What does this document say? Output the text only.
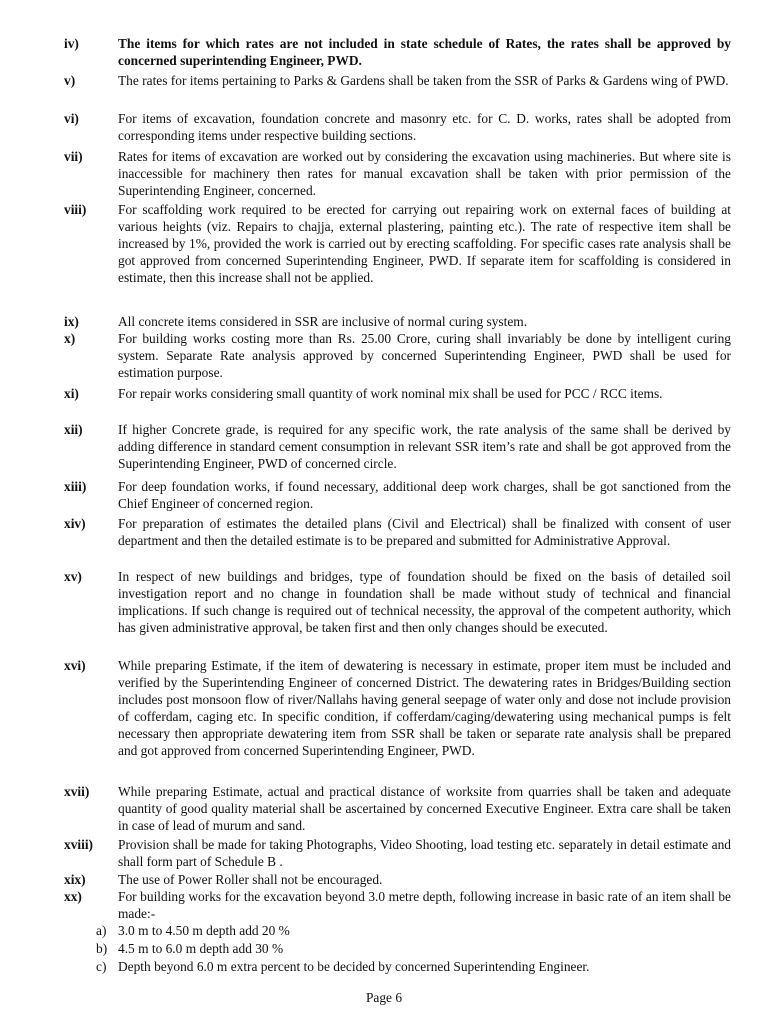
iv)	The items for which rates are not included in state schedule of Rates, the rates shall be approved by concerned superintending Engineer, PWD.
v)	The rates for items pertaining to Parks & Gardens shall be taken from the SSR of Parks & Gardens wing of PWD.
vi)	For items of excavation, foundation concrete and masonry etc. for C. D. works, rates shall be adopted from corresponding items under respective building sections.
vii)	Rates for items of excavation are worked out by considering the excavation using machineries. But where site is inaccessible for machinery then rates for manual excavation shall be taken with prior permission of the Superintending Engineer, concerned.
viii) For scaffolding work required to be erected for carrying out repairing work on external faces of building at various heights (viz. Repairs to chajja, external plastering, painting etc.). The rate of respective item shall be increased by 1%, provided the work is carried out by erecting scaffolding. For specific cases rate analysis shall be got approved from concerned Superintending Engineer, PWD. If separate item for scaffolding is considered in estimate, then this increase shall not be applied.
ix)	All concrete items considered in SSR are inclusive of normal curing system.
x)	For building works costing more than Rs. 25.00 Crore, curing shall invariably be done by intelligent curing system. Separate Rate analysis approved by concerned Superintending Engineer, PWD shall be used for estimation purpose.
xi)	For repair works considering small quantity of work nominal mix shall be used for PCC / RCC items.
xii)	If higher Concrete grade, is required for any specific work, the rate analysis of the same shall be derived by adding difference in standard cement consumption in relevant SSR item’s rate and shall be got approved from the Superintending Engineer, PWD of concerned circle.
xiii) For deep foundation works, if found necessary, additional deep work charges, shall be got sanctioned from the Chief Engineer of concerned region.
xiv) For preparation of estimates the detailed plans (Civil and Electrical) shall be finalized with consent of user department and then the detailed estimate is to be prepared and submitted for Administrative Approval.
xv)	In respect of new buildings and bridges, type of foundation should be fixed on the basis of detailed soil investigation report and no change in foundation shall be made without study of technical and financial implications. If such change is required out of technical necessity, the approval of the competent authority, which has given administrative approval, be taken first and then only changes should be executed.
xvi) While preparing Estimate, if the item of dewatering is necessary in estimate, proper item must be included and verified by the Superintending Engineer of concerned District. The dewatering rates in Bridges/Building section includes post monsoon flow of river/Nallahs having general seepage of water only and dose not include provision of cofferdam, caging etc. In specific condition, if cofferdam/caging/dewatering using mechanical pumps is felt necessary then appropriate dewatering item from SSR shall be taken or separate rate analysis shall be prepared and got approved from concerned Superintending Engineer, PWD.
xvii) While preparing Estimate, actual and practical distance of worksite from quarries shall be taken and adequate quantity of good quality material shall be ascertained by concerned Executive Engineer. Extra care shall be taken in case of lead of murum and sand.
xviii) Provision shall be made for taking Photographs, Video Shooting, load testing etc. separately in detail estimate and shall form part of Schedule B .
xix) The use of Power Roller shall not be encouraged.
xx)	For building works for the excavation beyond 3.0 metre depth, following increase in basic rate of an item shall be made:-
a) 3.0 m to 4.50 m depth add 20 %
b) 4.5 m to 6.0 m depth add 30 %
c) Depth beyond 6.0 m extra percent to be decided by concerned Superintending Engineer.
Page 6
